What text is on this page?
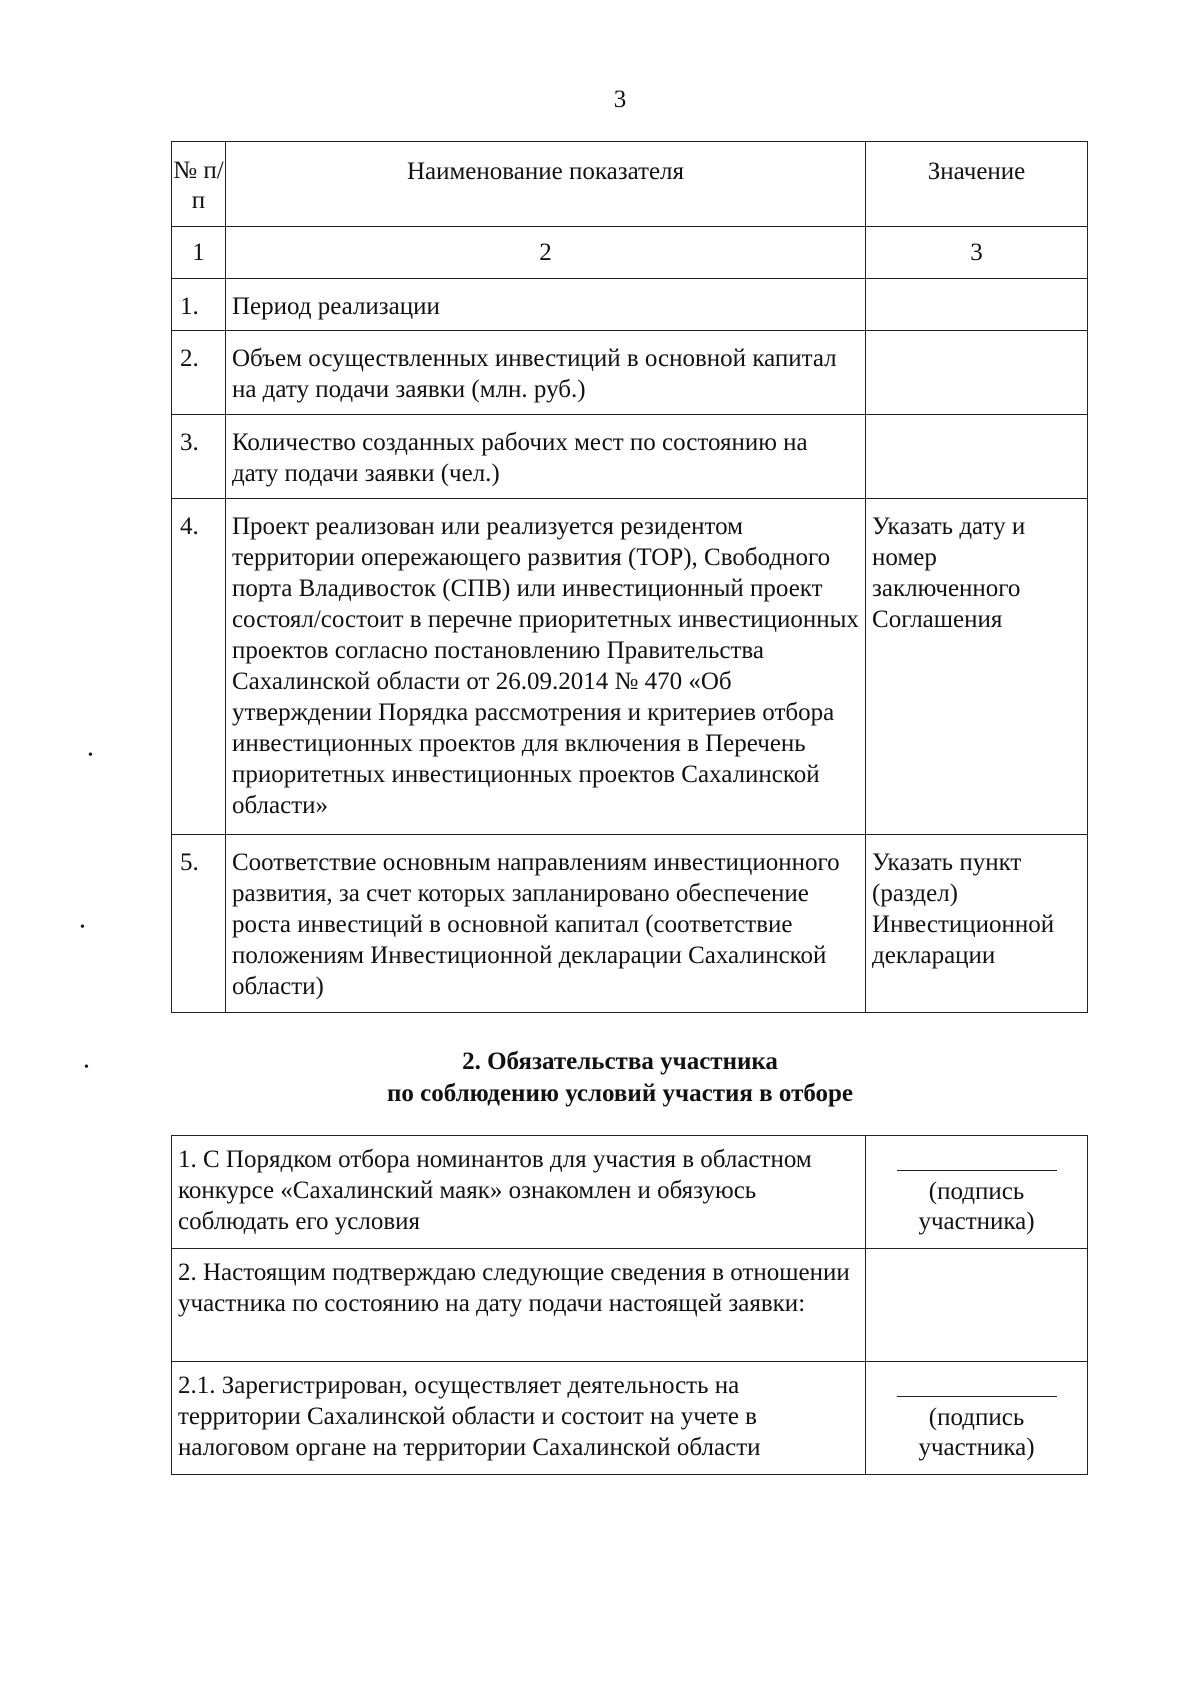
3
№ п/п	Наименование показателя	Значение
1	2	3
1.	Период реализации	
2.	Объем осуществленных инвестиций в основной капитал на дату подачи заявки (млн. руб.)	
3.	Количество созданных рабочих мест по состоянию на дату подачи заявки (чел.)	
4.	Проект реализован или реализуется резидентом территории опережающего развития (ТОР), Свободного порта Владивосток (СПВ) или инвестиционный проект состоял/состоит в перечне приоритетных инвестиционных проектов согласно постановлению Правительства Сахалинской области от 26.09.2014 № 470 «Об утверждении Порядка рассмотрения и критериев отбора инвестиционных проектов для включения в Перечень приоритетных инвестиционных проектов Сахалинской области»	Указать дату и номер заключенного Соглашения
5.	Соответствие основным направлениям инвестиционного развития, за счет которых запланировано обеспечение роста инвестиций в основной капитал (соответствие положениям Инвестиционной декларации Сахалинской области)	Указать пункт (раздел) Инвестиционной декларации
2. Обязательства участника
по соблюдению условий участия в отборе
1. С Порядком отбора номинантов для участия в областном конкурсе «Сахалинский маяк» ознакомлен и обязуюсь соблюдать его условия	(подпись участника)

2. Настоящим подтверждаю следующие сведения в отношении участника по состоянию на дату подачи настоящей заявки:	
2.1. Зарегистрирован, осуществляет деятельность на территории Сахалинской области и состоит на учете в налоговом органе на территории Сахалинской области	(подпись участника)
•
•
•
